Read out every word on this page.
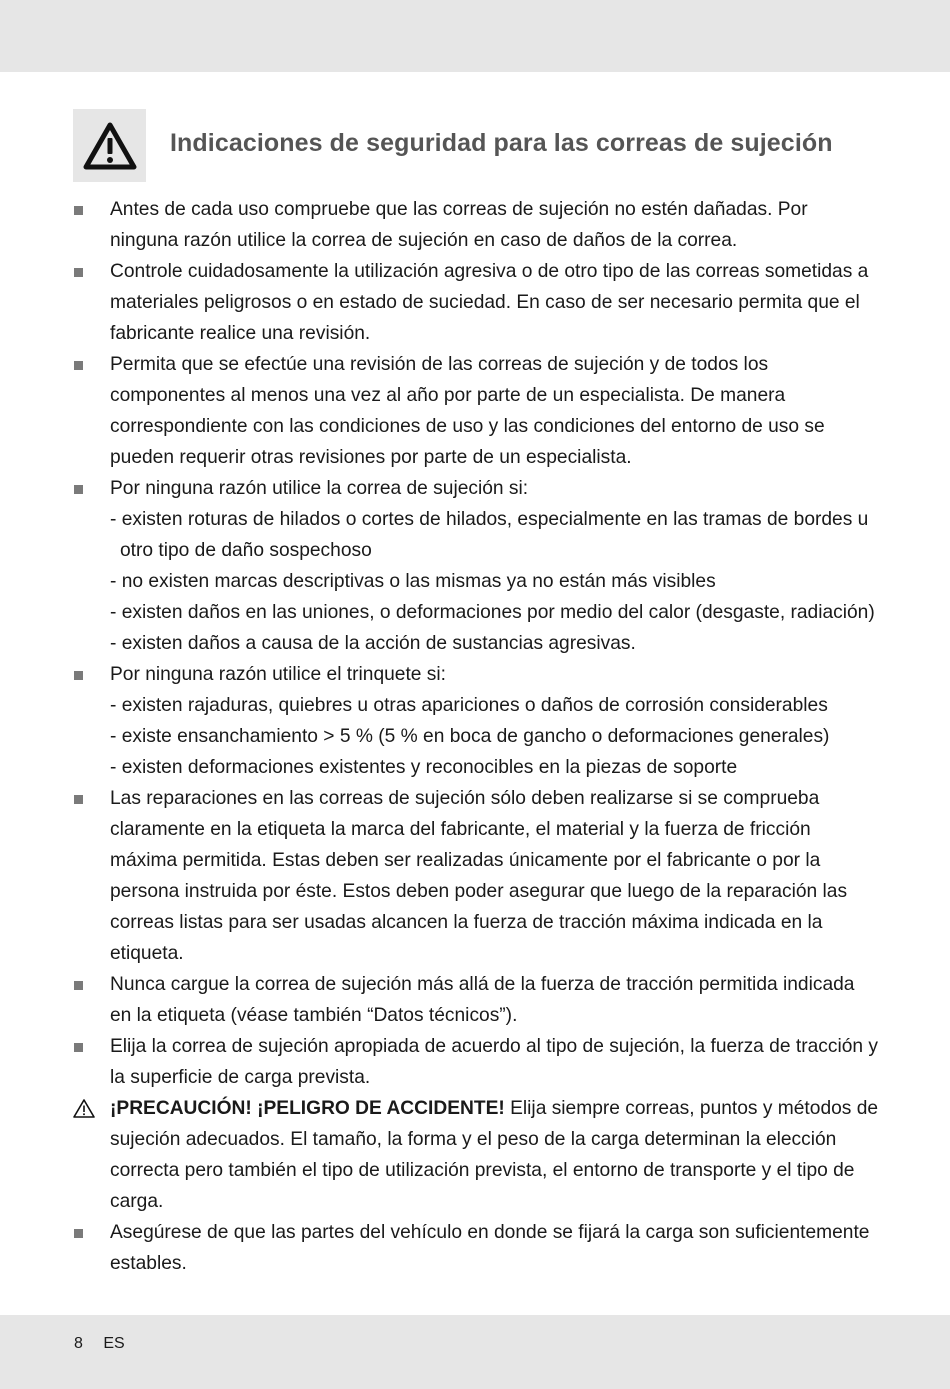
Indicaciones de seguridad para las correas de sujeción
Antes de cada uso compruebe que las correas de sujeción no estén dañadas. Por ninguna razón utilice la correa de sujeción en caso de daños de la correa.
Controle cuidadosamente la utilización agresiva o de otro tipo de las correas sometidas a materiales peligrosos o en estado de suciedad. En caso de ser necesario permita que el fabricante realice una revisión.
Permita que se efectúe una revisión de las correas de sujeción y de todos los componentes al menos una vez al año por parte de un especialista. De manera correspondiente con las condiciones de uso y las condiciones del entorno de uso se pueden requerir otras revisiones por parte de un especialista.
Por ninguna razón utilice la correa de sujeción si:
- existen roturas de hilados o cortes de hilados, especialmente en las tramas de bordes u otro tipo de daño sospechoso
- no existen marcas descriptivas o las mismas ya no están más visibles
- existen daños en las uniones, o deformaciones por medio del calor (desgaste, radiación)
- existen daños a causa de la acción de sustancias agresivas.
Por ninguna razón utilice el trinquete si:
- existen rajaduras, quiebres u otras apariciones o daños de corrosión considerables
- existe ensanchamiento > 5 % (5 % en boca de gancho o deformaciones generales)
- existen deformaciones existentes y reconocibles en la piezas de soporte
Las reparaciones en las correas de sujeción sólo deben realizarse si se comprueba claramente en la etiqueta la marca del fabricante, el material y la fuerza de fricción máxima permitida. Estas deben ser realizadas únicamente por el fabricante o por la persona instruida por éste. Estos deben poder asegurar que luego de la reparación las correas listas para ser usadas alcancen la fuerza de tracción máxima indicada en la etiqueta.
Nunca cargue la correa de sujeción más allá de la fuerza de tracción permitida indicada en la etiqueta (véase también “Datos técnicos”).
Elija la correa de sujeción apropiada de acuerdo al tipo de sujeción, la fuerza de tracción y la superficie de carga prevista.
¡PRECAUCIÓN! ¡PELIGRO DE ACCIDENTE! Elija siempre correas, puntos y métodos de sujeción adecuados. El tamaño, la forma y el peso de la carga determinan la elección correcta pero también el tipo de utilización prevista, el entorno de transporte y el tipo de carga.
Asegúrese de que las partes del vehículo en donde se fijará la carga son suficientemente estables.
8 ES
